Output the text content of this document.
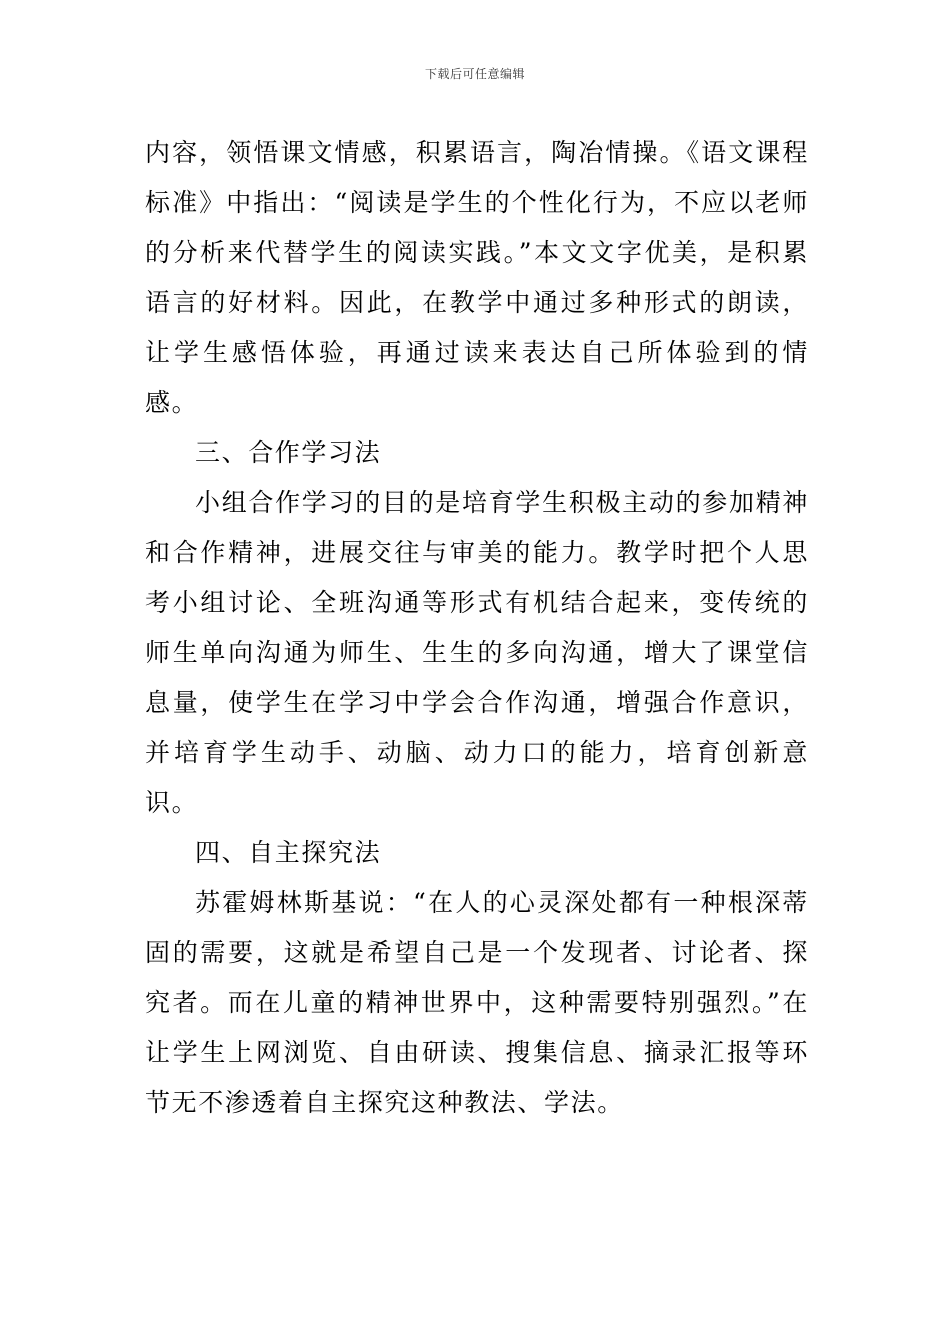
下载后可任意编辑

内容，领悟课文情感，积累语言，陶冶情操。《语文课程标准》中指出：“阅读是学生的个性化行为，不应以老师的分析来代替学生的阅读实践。”本文文字优美，是积累语言的好材料。因此，在教学中通过多种形式的朗读，让学生感悟体验，再通过读来表达自己所体验到的情感。

三、合作学习法

小组合作学习的目的是培育学生积极主动的参加精神和合作精神，进展交往与审美的能力。教学时把个人思考小组讨论、全班沟通等形式有机结合起来，变传统的师生单向沟通为师生、生生的多向沟通，增大了课堂信息量，使学生在学习中学会合作沟通，增强合作意识，并培育学生动手、动脑、动力口的能力，培育创新意识。

四、自主探究法

苏霍姆林斯基说：“在人的心灵深处都有一种根深蒂固的需要，这就是希望自己是一个发现者、讨论者、探究者。而在儿童的精神世界中，这种需要特别强烈。”在让学生上网浏览、自由研读、搜集信息、摘录汇报等环节无不渗透着自主探究这种教法、学法。
